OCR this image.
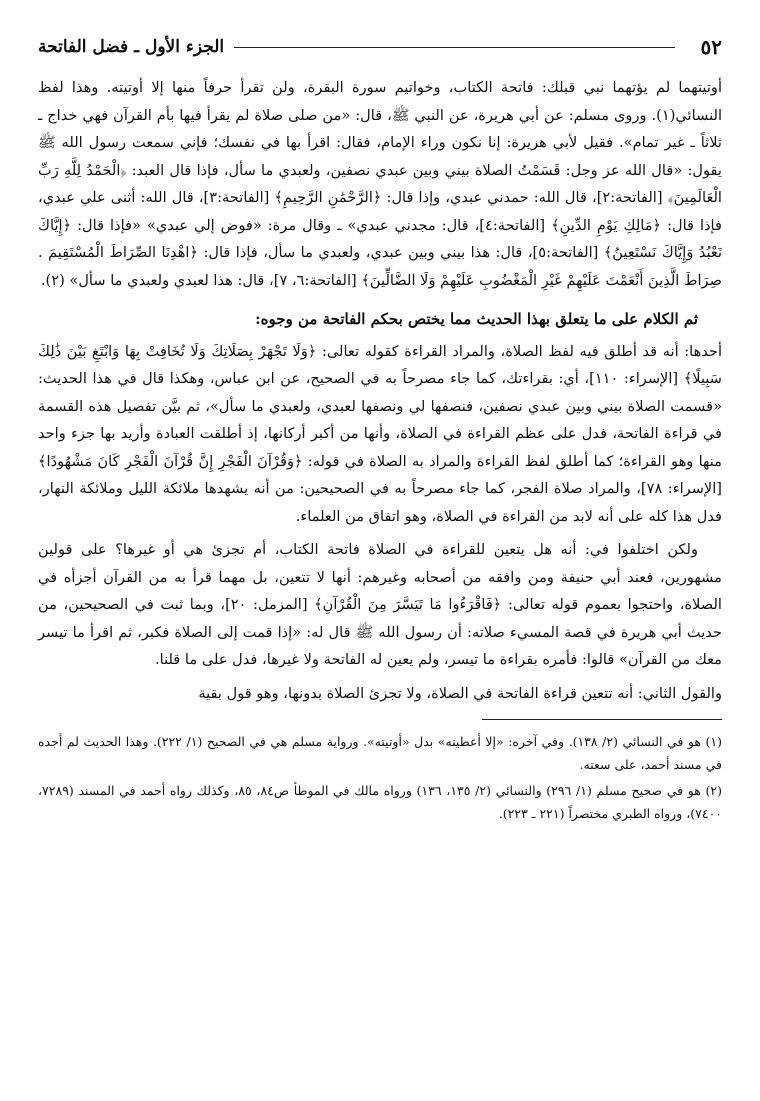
٥٢
الجزء الأول ـ فضل الفاتحة

أوتيتهما لم يؤتهما نبي قبلك: فاتحة الكتاب، وخواتيم سورة البقرة، ولن تقرأ حرفاً منها إلا أوتيته. وهذا لفظ النسائي(١). وروى مسلم: عن أبي هريرة، عن النبي ﷺ، قال: «من صلى صلاة لم يقرأ فيها بأم القرآن فهي خداج ـ ثلاثاً ـ غير تمام». فقيل لأبي هريرة: إنا نكون وراء الإمام، فقال: اقرأ بها في نفسك؛ فإني سمعت رسول الله ﷺ يقول: «قال الله عز وجل: قَسَمْتُ الصلاة بيني وبين عبدي نصفين، ولعبدي ما سأل، فإذا قال العبد: ﴿الْحَمْدُ لِلَّهِ رَبِّ الْعَالَمِينَ﴾ [الفاتحة:٢]، قال الله: حمدني عبدي، وإذا قال: ﴿الرَّحْمَٰنِ الرَّحِيمِ﴾ [الفاتحة:٣]، قال الله: أثنى علي عبدي، فإذا قال: ﴿مَالِكِ يَوْمِ الدِّينِ﴾ [الفاتحة:٤]، قال: مجدني عبدي» ـ وقال مرة: «فوض إلي عبدي» «فإذا قال: ﴿إِيَّاكَ نَعْبُدُ وَإِيَّاكَ نَسْتَعِينُ﴾ [الفاتحة:٥]، قال: هذا بيني وبين عبدي، ولعبدي ما سأل، فإذا قال: ﴿اهْدِنَا الصِّرَاطَ الْمُسْتَقِيمَ . صِرَاطَ الَّذِينَ أَنْعَمْتَ عَلَيْهِمْ غَيْرِ الْمَغْضُوبِ عَلَيْهِمْ وَلَا الضَّالِّينَ﴾ [الفاتحة:٦، ٧]، قال: هذا لعبدي ولعبدي ما سأل» (٢).

ثم الكلام على ما يتعلق بهذا الحديث مما يختص بحكم الفاتحة من وجوه:

أحدها: أنه قد أطلق فيه لفظ الصلاة، والمراد القراءة كقوله تعالى: ﴿وَلَا تَجْهَرْ بِصَلَاتِكَ وَلَا تُخَافِتْ بِهَا وَابْتَغِ بَيْنَ ذَٰلِكَ سَبِيلًا﴾ [الإسراء: ١١٠]، أي: بقراءتك، كما جاء مصرحاً به في الصحيح، عن ابن عباس، وهكذا قال في هذا الحديث: «قسمت الصلاة بيني وبين عبدي نصفين، فنصفها لي ونصفها لعبدي، ولعبدي ما سأل»، ثم بيَّن تفصيل هذه القسمة في قراءة الفاتحة، فدل على عظم القراءة في الصلاة، وأنها من أكبر أركانها، إذ أطلقت العبادة وأريد بها جزء واحد منها وهو القراءة؛ كما أطلق لفظ القراءة والمراد به الصلاة في قوله: ﴿وَقُرْآنَ الْفَجْرِ إِنَّ قُرْآنَ الْفَجْرِ كَانَ مَشْهُودًا﴾ [الإسراء: ٧٨]، والمراد صلاة الفجر، كما جاء مصرحاً به في الصحيحين: من أنه يشهدها ملائكة الليل وملائكة النهار، فدل هذا كله على أنه لابد من القراءة في الصلاة، وهو اتفاق من العلماء.

ولكن اختلفوا في: أنه هل يتعين للقراءة في الصلاة فاتحة الكتاب، أم تجزئ هي أو غيرها؟ على قولين مشهورين، فعند أبي حنيفة ومن وافقه من أصحابه وغيرهم: أنها لا تتعين، بل مهما قرأ به من القرآن أجزأه في الصلاة، واحتجوا بعموم قوله تعالى: ﴿فَاقْرَءُوا مَا تَيَسَّرَ مِنَ الْقُرْآنِ﴾ [المزمل: ٢٠]، وبما ثبت في الصحيحين، من حديث أبي هريرة في قصة المسيء صلاته: أن رسول الله ﷺ قال له: «إذا قمت إلى الصلاة فكبر، ثم اقرأ ما تيسر معك من القرآن» قالوا: فأمره بقراءة ما تيسر، ولم يعين له الفاتحة ولا غيرها، فدل على ما قلنا.

والقول الثاني: أنه تتعين قراءة الفاتحة في الصلاة، ولا تجزئ الصلاة بدونها، وهو قول بقية

(١) هو في النسائي (٢/ ١٣٨). وفي آخره: «إلا أعطيته» بدل «أوتيته». ورواية مسلم هي في الصحيح (١/ ٢٢٢). وهذا الحديث لم أجده في مسند أحمد، على سعته.

(٢) هو في صحيح مسلم (١/ ٢٩٦) والنسائي (٢/ ١٣٥، ١٣٦) ورواه مالك في الموطأ ص٨٤، ٨٥، وكذلك رواه أحمد في المسند (٧٢٨٩، ٧٤٠٠)، ورواه الطبري مختصراً (٢٢١ ـ ٢٢٣).
